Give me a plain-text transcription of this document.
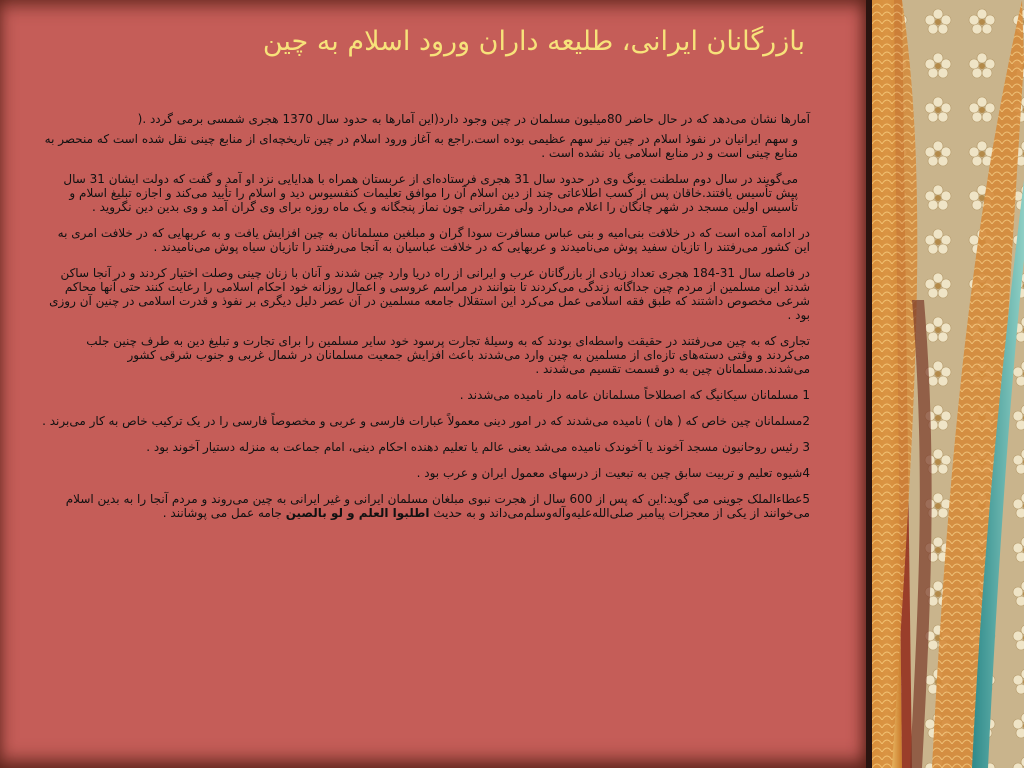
بازرگانان ایرانی، طلیعه داران ورود اسلام به چین

آمارها نشان می‌دهد که در حال حاضر 80میلیون مسلمان در چین وجود دارد(این آمارها به حدود سال 1370 هجری شمسی برمی گردد .(

و سهم ایرانیان در نفوذ اسلام در چین نیز سهم عظیمی بوده است.راجع به آغاز ورود اسلام در چین تاریخچه‌ای از منابع چینی نقل شده است که منحصر به منابع چینی است و در منابع اسلامی یاد نشده است .

می‌گویند در سال دوم سلطنت یونگ وی در حدود سال 31 هجری فرستاده‌ای از عربستان همراه با هدایایی نزد او آمد و گفت که دولت ایشان 31 سال پیش تأسیس یافتند.خاقان پس از کسب اطلاعاتی چند از دین اسلام آن را موافق تعلیمات کنفسیوس دید و اسلام را تأیید می‌کند و اجازه تبلیغ اسلام و تأسیس اولین مسجد در شهر چانگان را اعلام می‌دارد ولی مقرراتی چون نماز پنجگانه و یک ماه روزه برای وی گران آمد و وی بدین دین نگروید .

در ادامه آمده است که در خلافت بنی‌امیه و بنی عباس مسافرت سودا گران و مبلغین مسلمانان به چین افزایش یافت و به عربهایی که در خلافت امری به این کشور می‌رفتند را تازیان سفید پوش می‌نامیدند و عربهایی که در خلافت عباسیان به آنجا می‌رفتند را تازیان سیاه پوش می‌نامیدند .

در فاصله سال 31-184 هجری تعداد زیادی از بازرگانان عرب و ایرانی از راه دریا وارد چین شدند و آنان با زنان چینی وصلت اختیار کردند و در آنجا ساکن شدند این مسلمین از مردم چین جداگانه زندگی می‌کردند تا بتوانند در مراسم عروسی و اعمال روزانه خود احکام اسلامی را رعایت کنند حتی آنها محاکم شرعی مخصوص داشتند که طبق فقه اسلامی عمل می‌کرد این استقلال جامعه مسلمین در آن عصر دلیل دیگری بر نفوذ و قدرت اسلامی در چنین آن روزی بود .

تجاری که به چین می‌رفتند در حقیقت واسطه‌ای بودند که به وسیلهٔ تجارت پرسود خود سایر مسلمین را برای تجارت و تبلیغ دین به طرف چنین جلب می‌کردند و وقتی دسته‌های تازه‌ای از مسلمین به چین وارد می‌شدند باعث افزایش جمعیت مسلمانان در شمال غربی و جنوب شرقی کشور می‌شدند.مسلمانان چین به دو قسمت تقسیم می‌شدند .

1 مسلمانان سیکانیگ که اصطلاحاً مسلمانان عامه دار نامیده می‌شدند .

2مسلمانان چین خاص که ( هان ) نامیده می‌شدند که در امور دینی معمولاً عبارات فارسی و عربی و مخصوصاً فارسی را در یک ترکیب خاص به کار می‌برند .

3 رئیس روحانیون مسجد آخوند یا آخوندک نامیده می‌شد یعنی عالم یا تعلیم دهنده احکام دینی، امام جماعت به منزله دستیار آخوند بود .

4شیوه تعلیم و تربیت سابق چین به تبعیت از درسهای معمول ایران و عرب بود .

5عطاءالملک جوینی می گوید:این که پس از 600 سال از هجرت نبوی مبلغان مسلمان ایرانی و غیر ایرانی به چین می‌روند و مردم آنجا را به بدین اسلام می‌خوانند از یکی از معجزات پیامبر صلی‌الله‌علیه‌وآله‌وسلم‌می‌داند و به حدیث اطلبوا العلم و لو بالصین جامه عمل می پوشانند .
